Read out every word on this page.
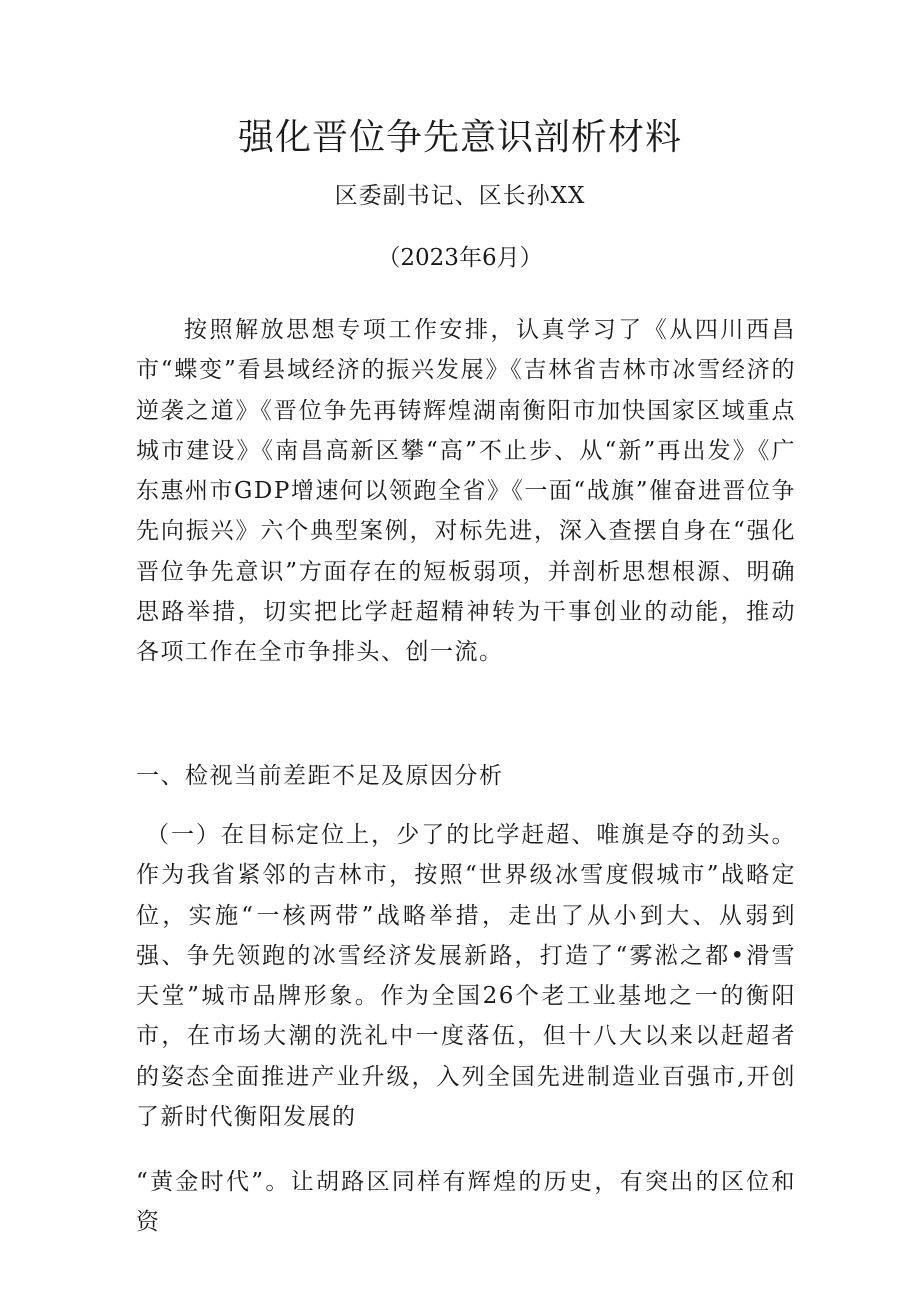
强化晋位争先意识剖析材料
区委副书记、区长孙XX
（2023年6月）

按照解放思想专项工作安排，认真学习了《从四川西昌市“蝶变”看县域经济的振兴发展》《吉林省吉林市冰雪经济的逆袭之道》《晋位争先再铸辉煌湖南衡阳市加快国家区域重点城市建设》《南昌高新区攀“高”不止步、从“新”再出发》《广东惠州市GDP增速何以领跑全省》《一面“战旗”催奋进晋位争先向振兴》六个典型案例，对标先进，深入查摆自身在“强化晋位争先意识”方面存在的短板弱项，并剖析思想根源、明确思路举措，切实把比学赶超精神转为干事创业的动能，推动各项工作在全市争排头、创一流。

一、检视当前差距不足及原因分析

（一）在目标定位上，少了的比学赶超、唯旗是夺的劲头。作为我省紧邻的吉林市，按照“世界级冰雪度假城市”战略定位，实施“一核两带”战略举措，走出了从小到大、从弱到强、争先领跑的冰雪经济发展新路，打造了“雾淞之都•滑雪天堂”城市品牌形象。作为全国26个老工业基地之一的衡阳市，在市场大潮的洗礼中一度落伍，但十八大以来以赶超者的姿态全面推进产业升级，入列全国先进制造业百强市,开创了新时代衡阳发展的

“黄金时代”。让胡路区同样有辉煌的历史，有突出的区位和资
